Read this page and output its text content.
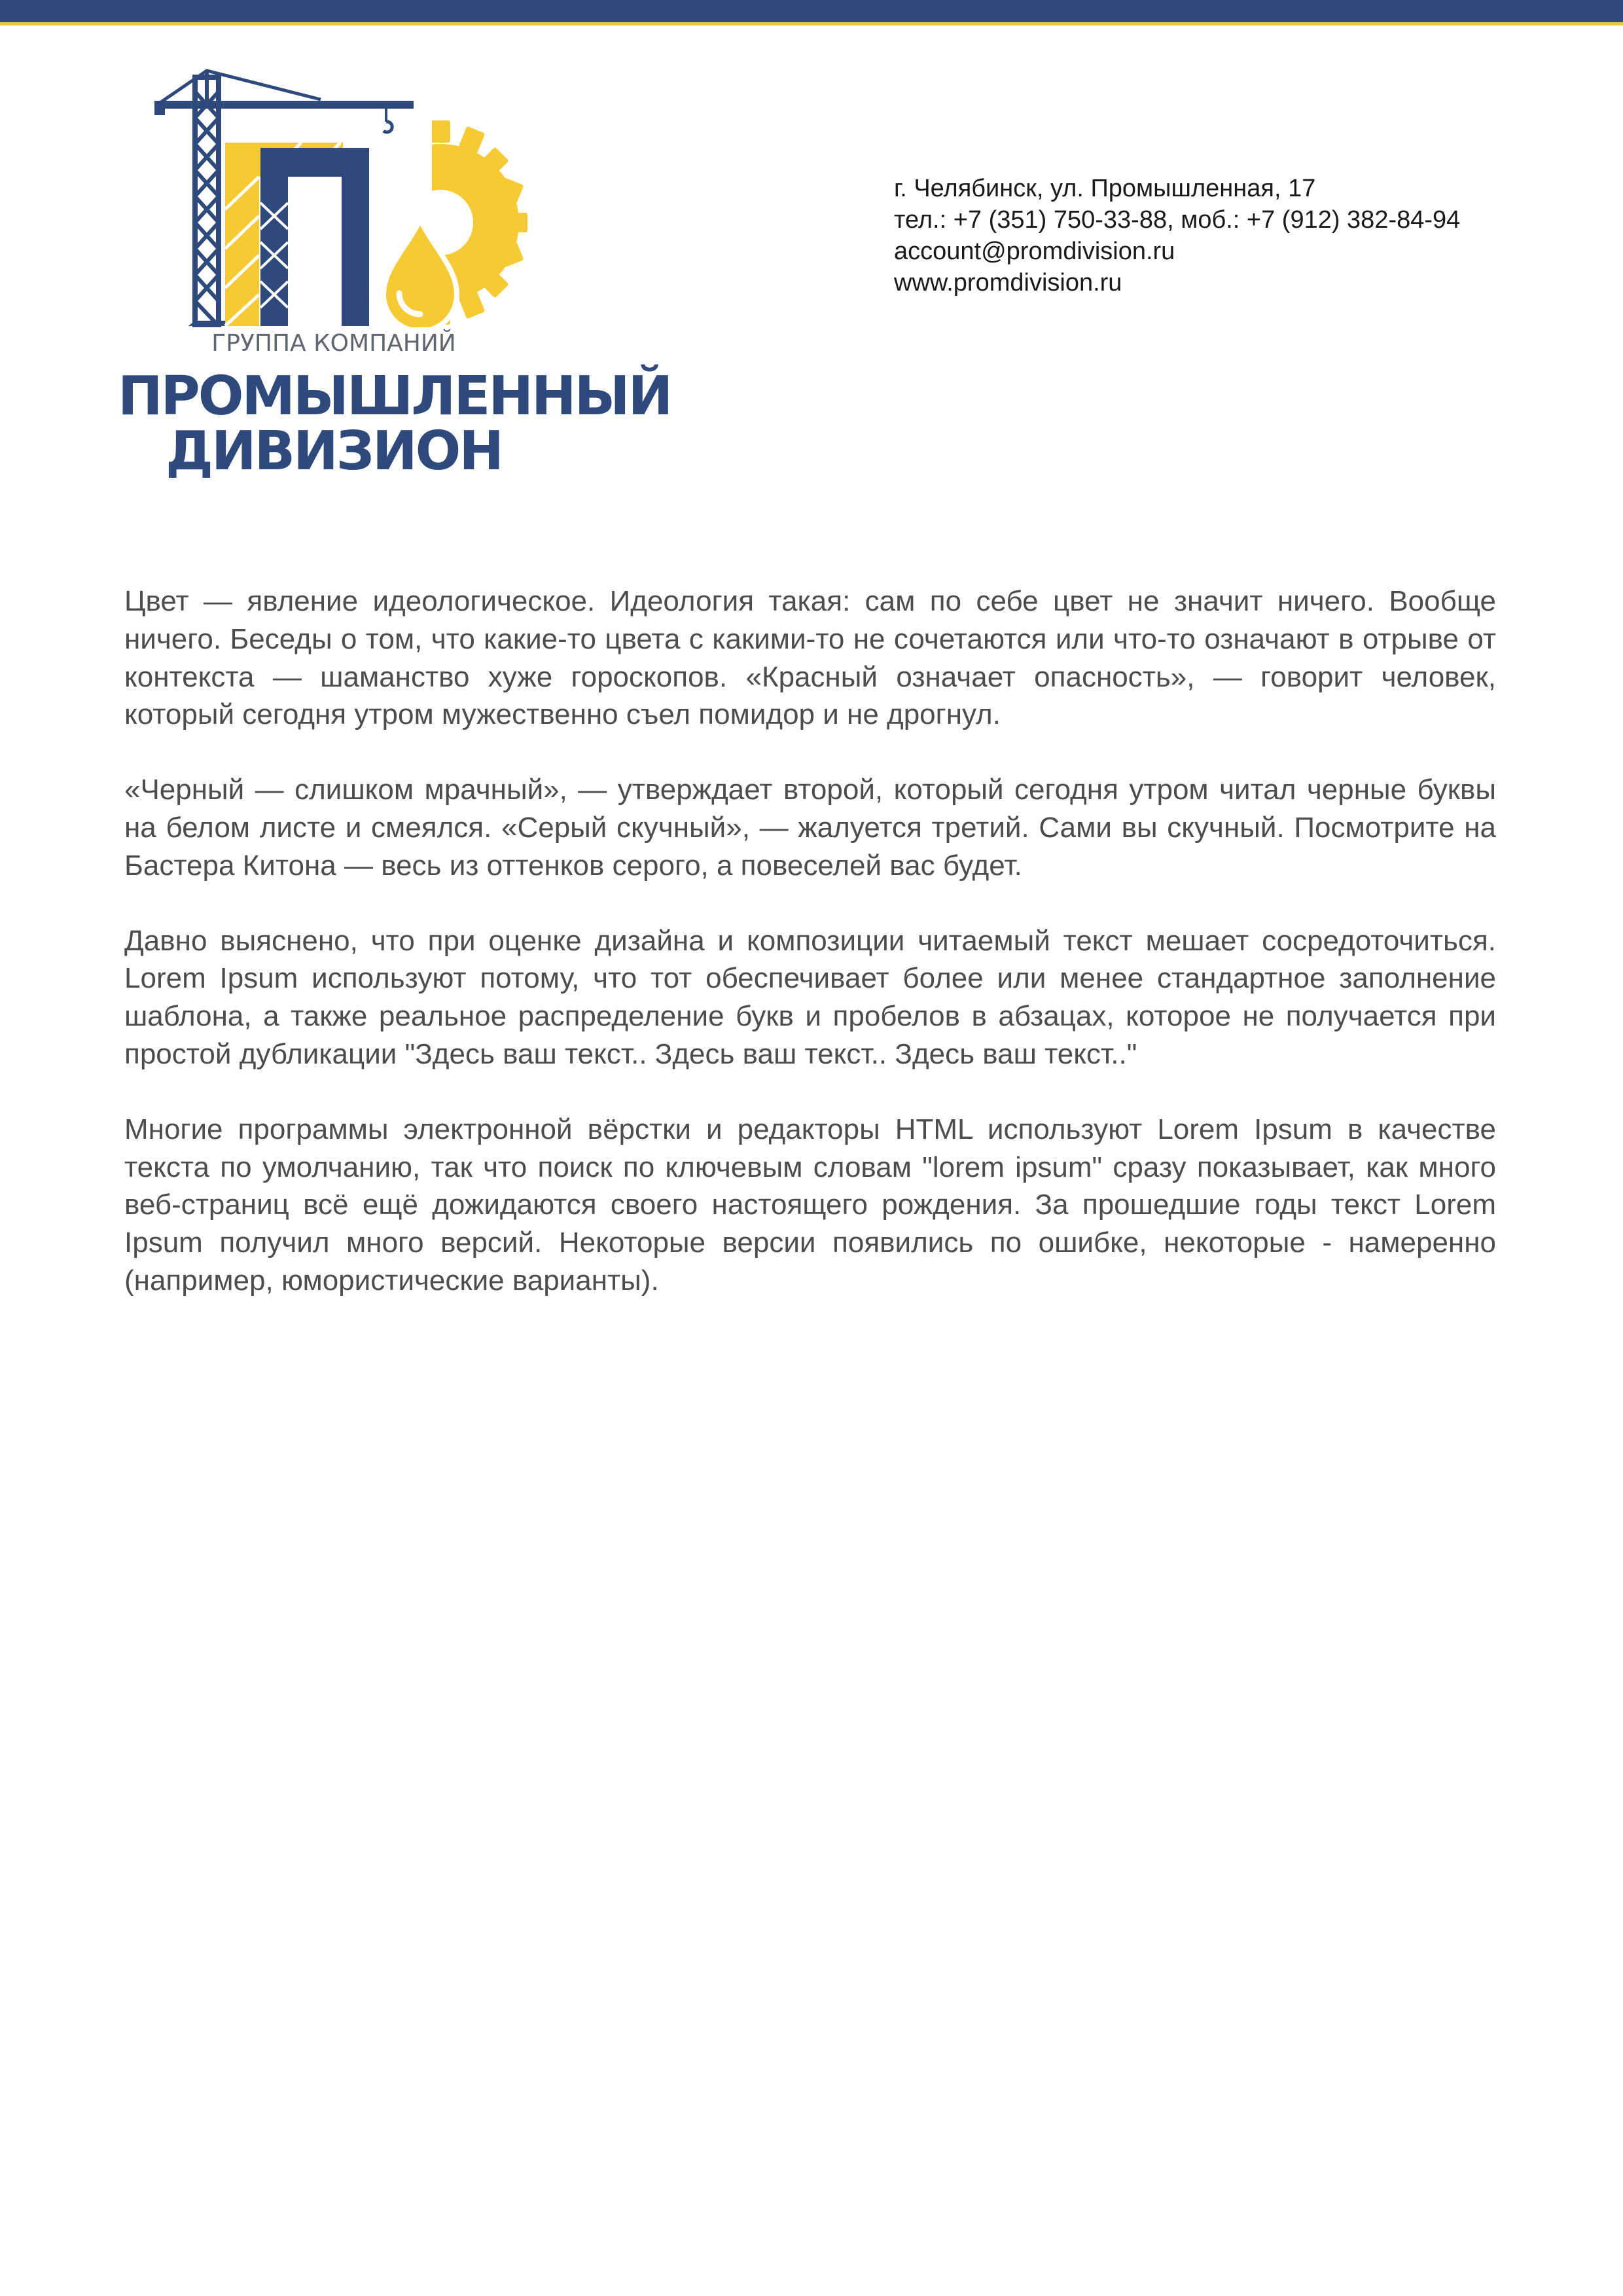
ГРУППА КОМПАНИЙ
ПРОМЫШЛЕННЫЙ
ДИВИЗИОН
г. Челябинск, ул. Промышленная, 17
тел.: +7 (351) 750-33-88, моб.: +7 (912) 382-84-94
account@promdivision.ru
www.promdivision.ru

Цвет — явление идеологическое. Идеология такая: сам по себе цвет не значит ничего. Вообще ничего. Беседы о том, что какие-то цвета с какими-то не сочетаются или что-то означают в отрыве от контекста — шаманство хуже гороскопов. «Красный означает опасность», — говорит человек, который сегодня утром мужественно съел помидор и не дрогнул.

«Черный — слишком мрачный», — утверждает второй, который сегодня утром читал черные буквы на белом листе и смеялся. «Серый скучный», — жалуется третий. Сами вы скучный. Посмотрите на Бастера Китона — весь из оттенков серого, а повеселей вас будет.

Давно выяснено, что при оценке дизайна и композиции читаемый текст мешает сосредоточиться. Lorem Ipsum используют потому, что тот обеспечивает более или менее стандартное заполнение шаблона, а также реальное распределение букв и пробелов в абзацах, которое не получается при простой дубликации "Здесь ваш текст.. Здесь ваш текст.. Здесь ваш текст.."

Многие программы электронной вёрстки и редакторы HTML используют Lorem Ipsum в качестве текста по умолчанию, так что поиск по ключевым словам "lorem ipsum" сразу показывает, как много веб-страниц всё ещё дожидаются своего настоящего рождения. За прошедшие годы текст Lorem Ipsum получил много версий. Некоторые версии появились по ошибке, некоторые - намеренно (например, юмористические варианты).
